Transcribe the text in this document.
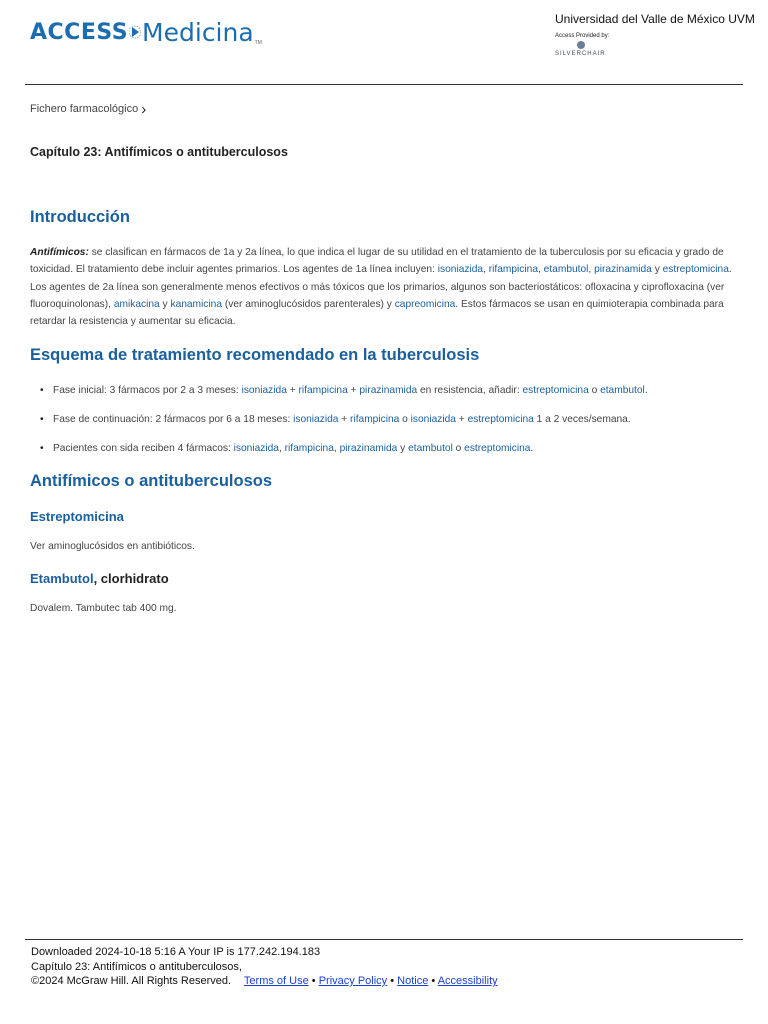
ACCESS Medicina TM
Universidad del Valle de México UVM
Access Provided by:
SILVERCHAIR
Fichero farmacológico ›
Capítulo 23: Antifímicos o antituberculosos
Introducción

Antifímicos: se clasifican en fármacos de 1a y 2a línea, lo que indica el lugar de su utilidad en el tratamiento de la tuberculosis por su eficacia y grado de toxicidad. El tratamiento debe incluir agentes primarios. Los agentes de 1a línea incluyen: isoniazida, rifampicina, etambutol, pirazinamida y estreptomicina. Los agentes de 2a línea son generalmente menos efectivos o más tóxicos que los primarios, algunos son bacteriostáticos: ofloxacina y ciprofloxacina (ver fluoroquinolonas), amikacina y kanamicina (ver aminoglucósidos parenterales) y capreomicina. Estos fármacos se usan en quimioterapia combinada para retardar la resistencia y aumentar su eficacia.

Esquema de tratamiento recomendado en la tuberculosis
• Fase inicial: 3 fármacos por 2 a 3 meses: isoniazida + rifampicina + pirazinamida en resistencia, añadir: estreptomicina o etambutol.
• Fase de continuación: 2 fármacos por 6 a 18 meses: isoniazida + rifampicina o isoniazida + estreptomicina 1 a 2 veces/semana.
• Pacientes con sida reciben 4 fármacos: isoniazida, rifampicina, pirazinamida y etambutol o estreptomicina.
Antifímicos o antituberculosos
Estreptomicina

Ver aminoglucósidos en antibióticos.

Etambutol, clorhidrato

Dovalem. Tambutec tab 400 mg.

Downloaded 2024-10-18 5:16 A Your IP is 177.242.194.183
Capítulo 23: Antifímicos o antituberculosos,
©2024 McGraw Hill. All Rights Reserved. Terms of Use • Privacy Policy • Notice • Accessibility
